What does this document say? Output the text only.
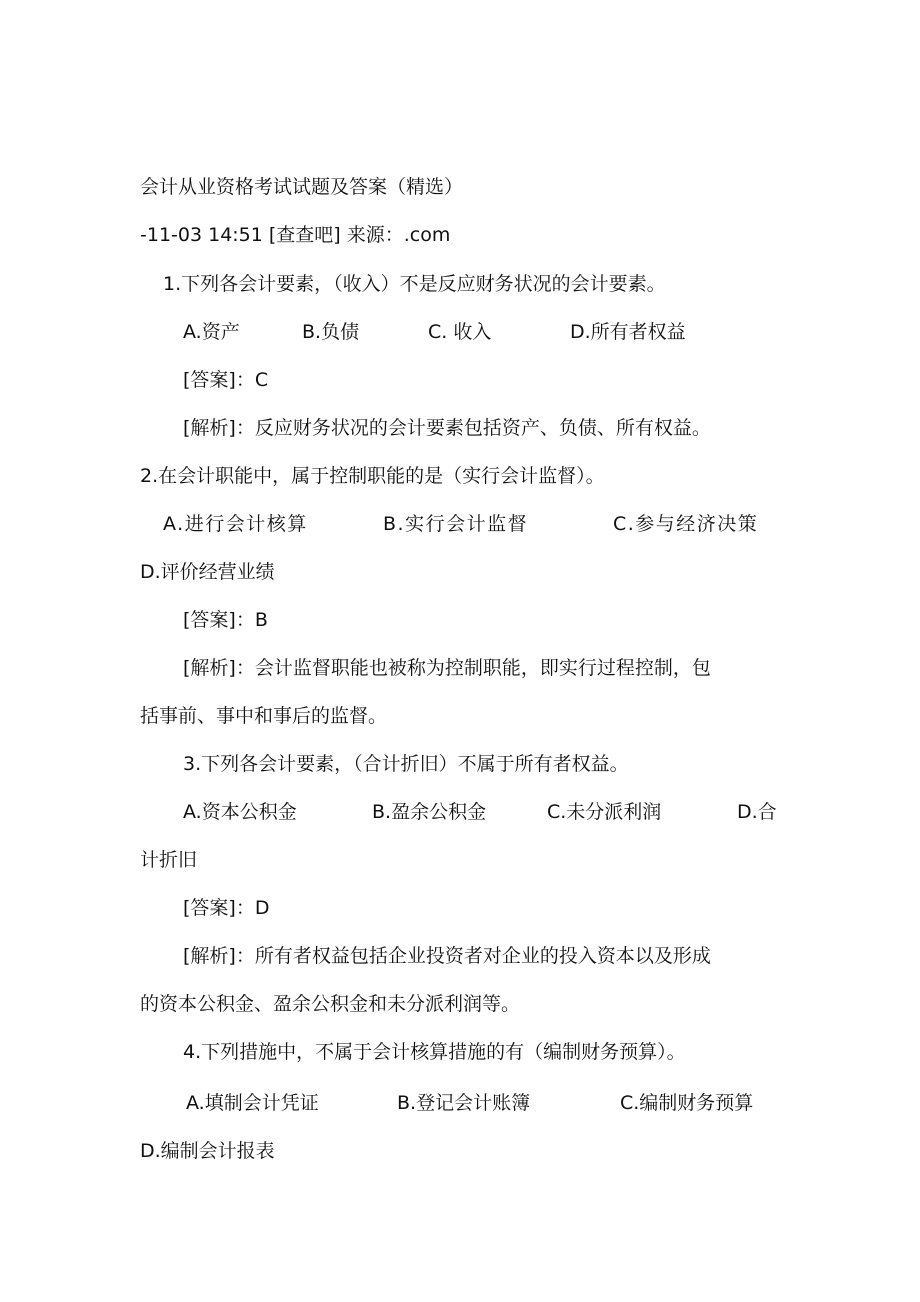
会计从业资格考试试题及答案（精选）
-11-03 14:51 [查查吧] 来源：.com
1.下列各会计要素，（收入）不是反应财务状况的会计要素。
A.资产	B.负债	C. 收入	D.所有者权益
[答案]：C
[解析]：反应财务状况的会计要素包括资产、负债、所有权益。
2.在会计职能中，属于控制职能的是（实行会计监督）。
A.进行会计核算	B.实行会计监督	C.参与经济决策
D.评价经营业绩
[答案]：B
[解析]：会计监督职能也被称为控制职能，即实行过程控制，包
括事前、事中和事后的监督。
3.下列各会计要素，（合计折旧）不属于所有者权益。
A.资本公积金	B.盈余公积金	C.未分派利润	D.合
计折旧
[答案]：D
[解析]：所有者权益包括企业投资者对企业的投入资本以及形成
的资本公积金、盈余公积金和未分派利润等。
4.下列措施中，不属于会计核算措施的有（编制财务预算）。
A.填制会计凭证	B.登记会计账簿	C.编制财务预算
D.编制会计报表
